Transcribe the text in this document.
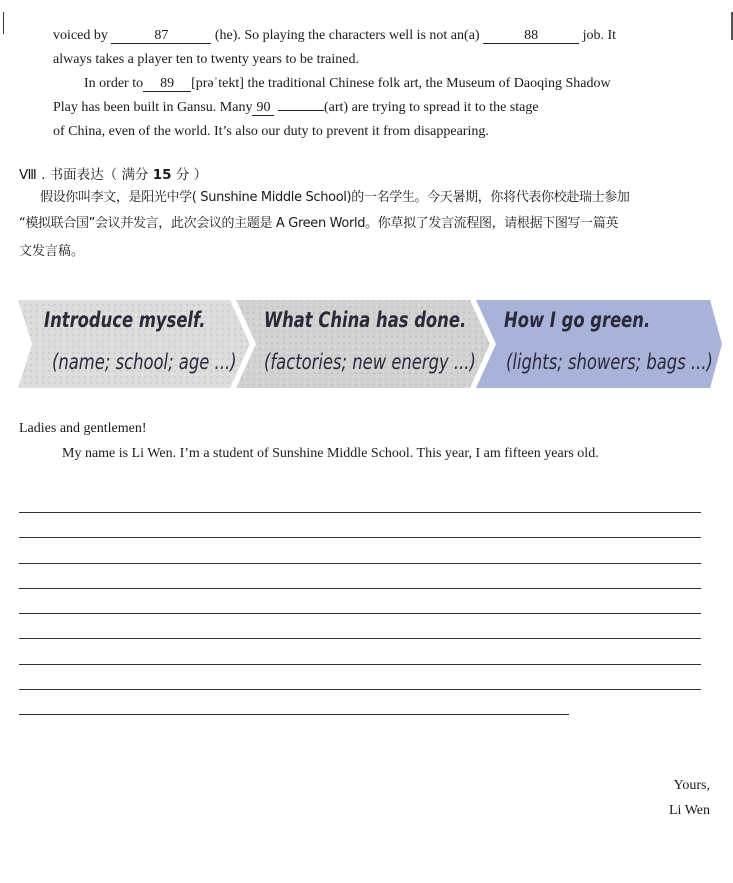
voiced by	87	(he). So playing the characters well is not an(a)	88	job. It
always takes a player ten to twenty years to be trained.
In order to 89 [prəˈtekt] the traditional Chinese folk art, the Museum of Daoqing Shadow
Play has been built in Gansu. Many 90	(art) are trying to spread it to the stage
of China, even of the world. It’s also our duty to prevent it from disappearing.
Ⅷ . 书面表达（ 满分 15 分 ）
假设你叫李文，是阳光中学( Sunshine Middle School)的一名学生。今天暑期，你将代表你校赴瑞士参加
“模拟联合国”会议并发言，此次会议的主题是 A Green World。你草拟了发言流程图，请根据下图写一篇英
文发言稿。
Introduce myself.
(name; school; age ...)
What China has done.
(factories; new energy ...)
How I go green.
(lights; showers; bags ...)
Ladies and gentlemen!
My name is Li Wen. I’m a student of Sunshine Middle School. This year, I am fifteen years old.
Yours,
Li Wen
